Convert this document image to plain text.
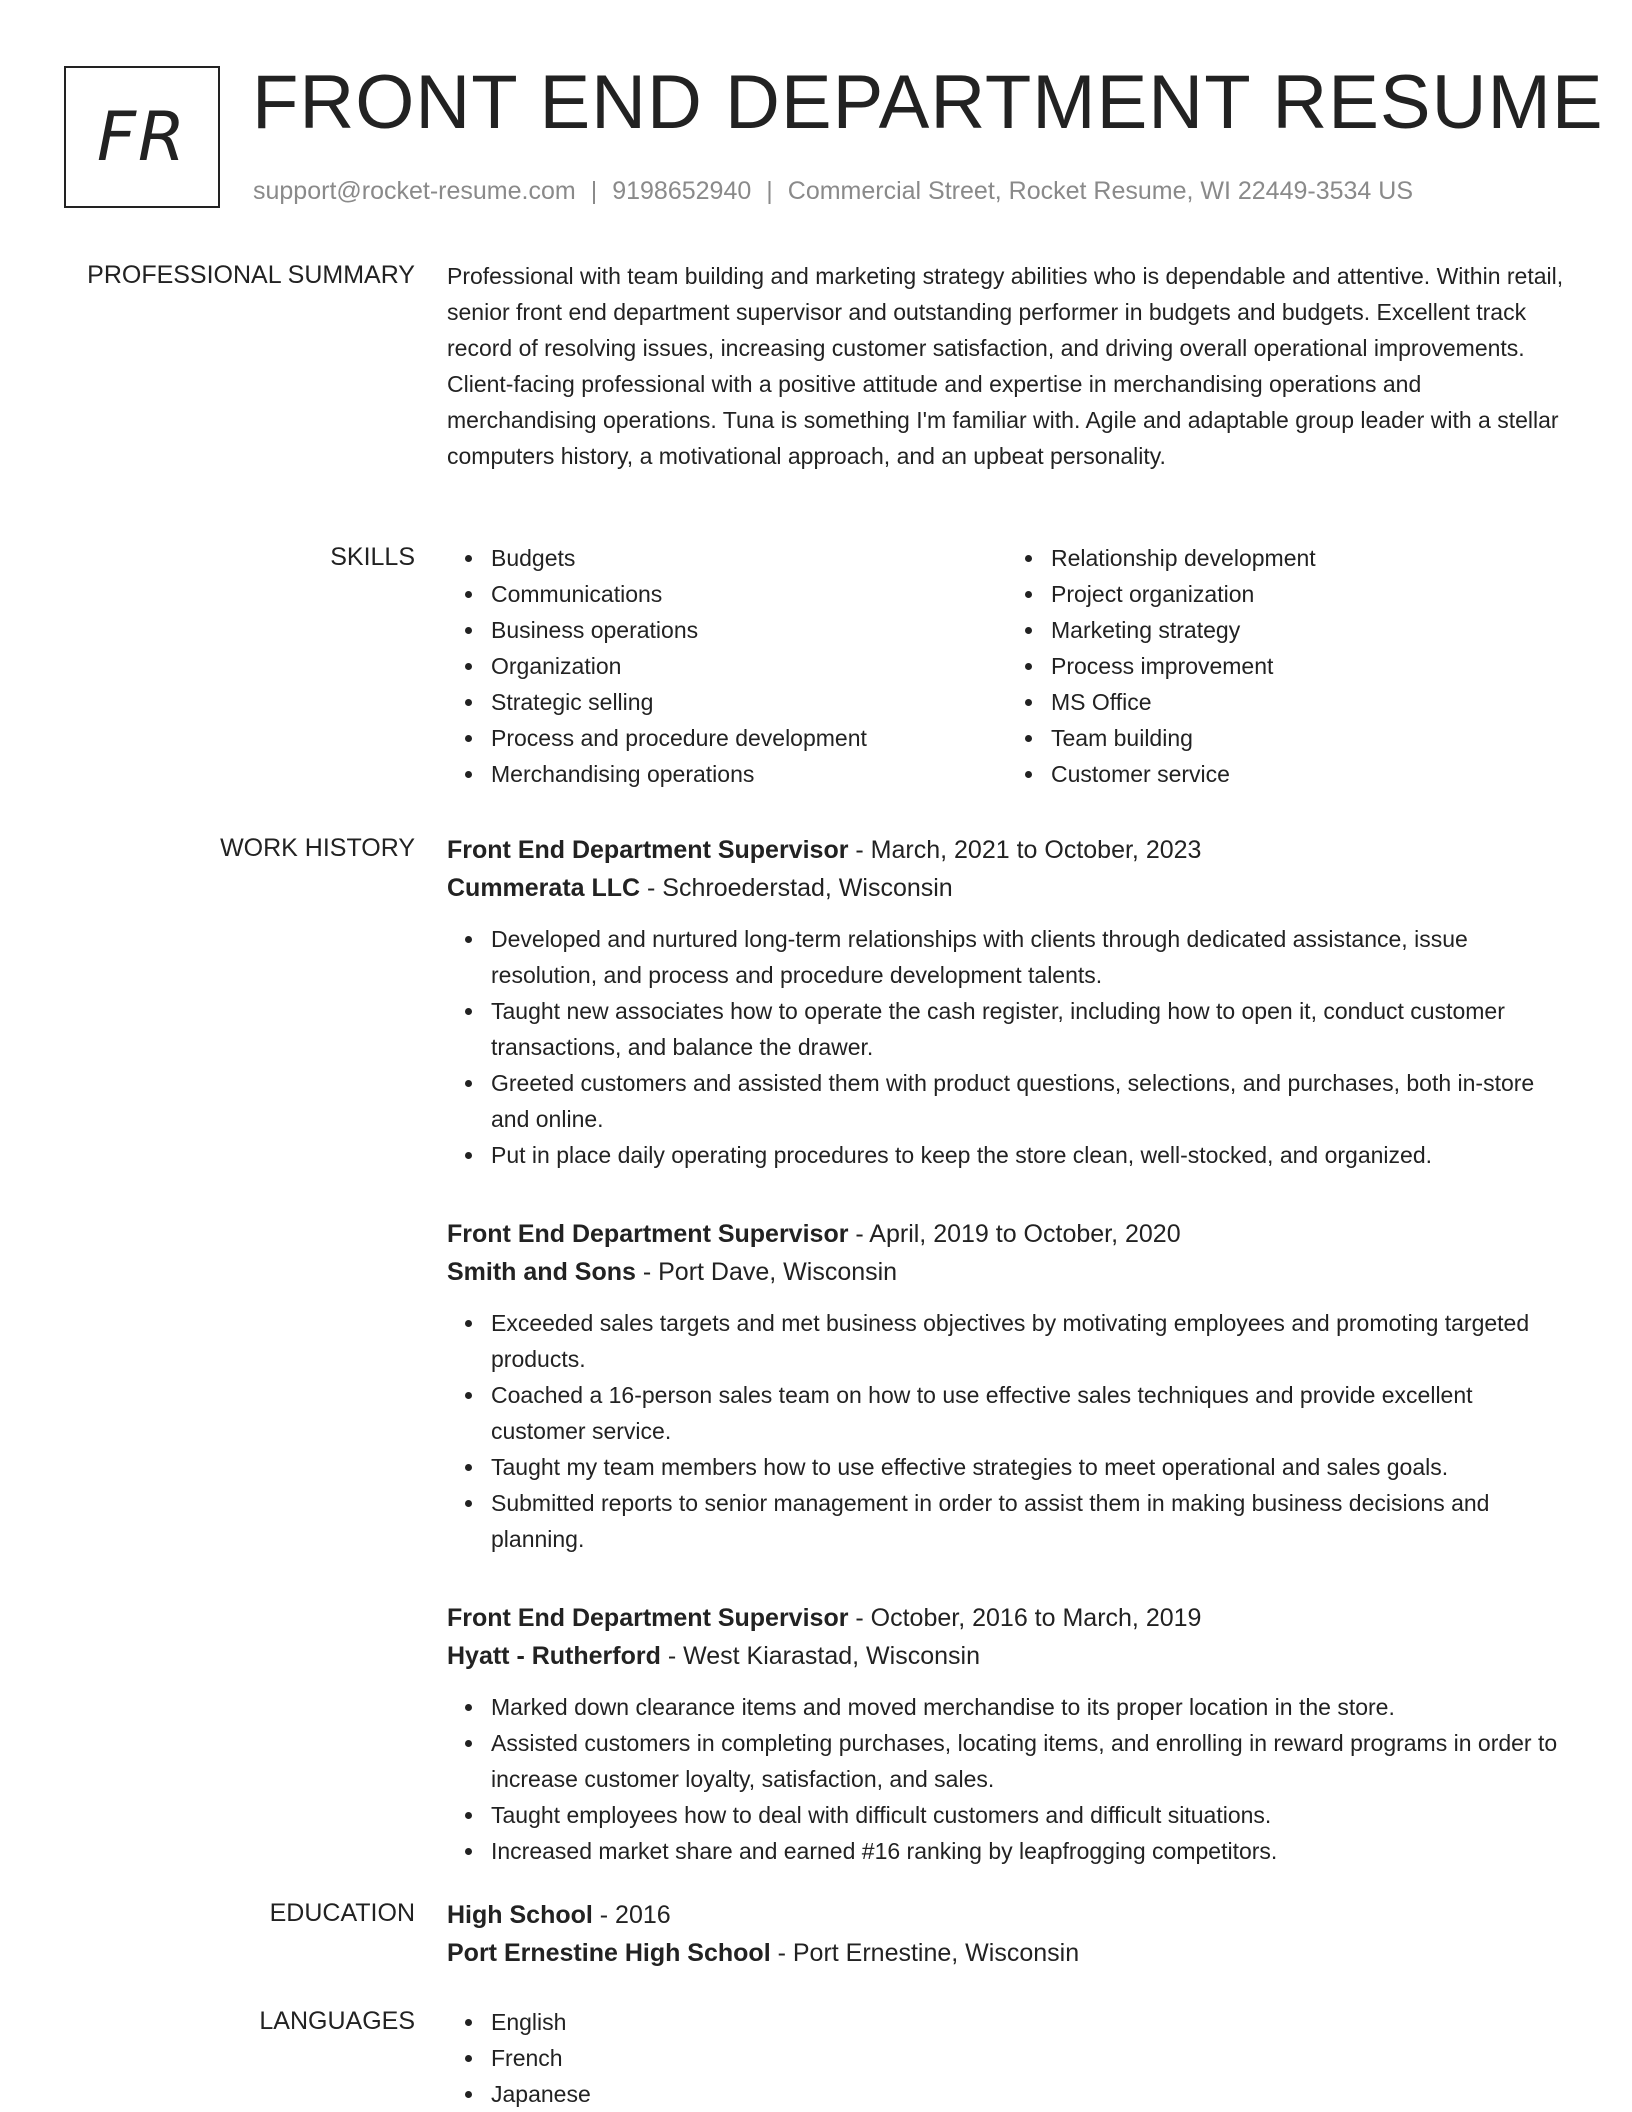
FR FRONT END DEPARTMENT RESUME
support@rocket-resume.com | 9198652940 | Commercial Street, Rocket Resume, WI 22449-3534 US
PROFESSIONAL SUMMARY Professional with team building and marketing strategy abilities who is dependable and attentive. Within retail, senior front end department supervisor and outstanding performer in budgets and budgets. Excellent track record of resolving issues, increasing customer satisfaction, and driving overall operational improvements. Client-facing professional with a positive attitude and expertise in merchandising operations and merchandising operations. Tuna is something I'm familiar with. Agile and adaptable group leader with a stellar computers history, a motivational approach, and an upbeat personality.

SKILLS	Budgets
Communications
Business operations
Organization
Strategic selling
Process and procedure development
Merchandising operations
Relationship development
Project organization
Marketing strategy
Process improvement
MS Office
Team building
Customer service
WORK HISTORY Front End Department Supervisor - March, 2021 to October, 2023
Cummerata LLC - Schroederstad, Wisconsin
Developed and nurtured long-term relationships with clients through dedicated assistance, issue resolution, and process and procedure development talents.
Taught new associates how to operate the cash register, including how to open it, conduct customer transactions, and balance the drawer.
Greeted customers and assisted them with product questions, selections, and purchases, both in-store and online.
Put in place daily operating procedures to keep the store clean, well-stocked, and organized.
Front End Department Supervisor - April, 2019 to October, 2020
Smith and Sons - Port Dave, Wisconsin
Exceeded sales targets and met business objectives by motivating employees and promoting targeted products.
Coached a 16-person sales team on how to use effective sales techniques and provide excellent customer service.
Taught my team members how to use effective strategies to meet operational and sales goals.
Submitted reports to senior management in order to assist them in making business decisions and planning.
Front End Department Supervisor - October, 2016 to March, 2019
Hyatt - Rutherford - West Kiarastad, Wisconsin
Marked down clearance items and moved merchandise to its proper location in the store.
Assisted customers in completing purchases, locating items, and enrolling in reward programs in order to increase customer loyalty, satisfaction, and sales.
Taught employees how to deal with difficult customers and difficult situations.
Increased market share and earned #16 ranking by leapfrogging competitors.
EDUCATION High School - 2016
Port Ernestine High School - Port Ernestine, Wisconsin
LANGUAGES	English
French
Japanese
